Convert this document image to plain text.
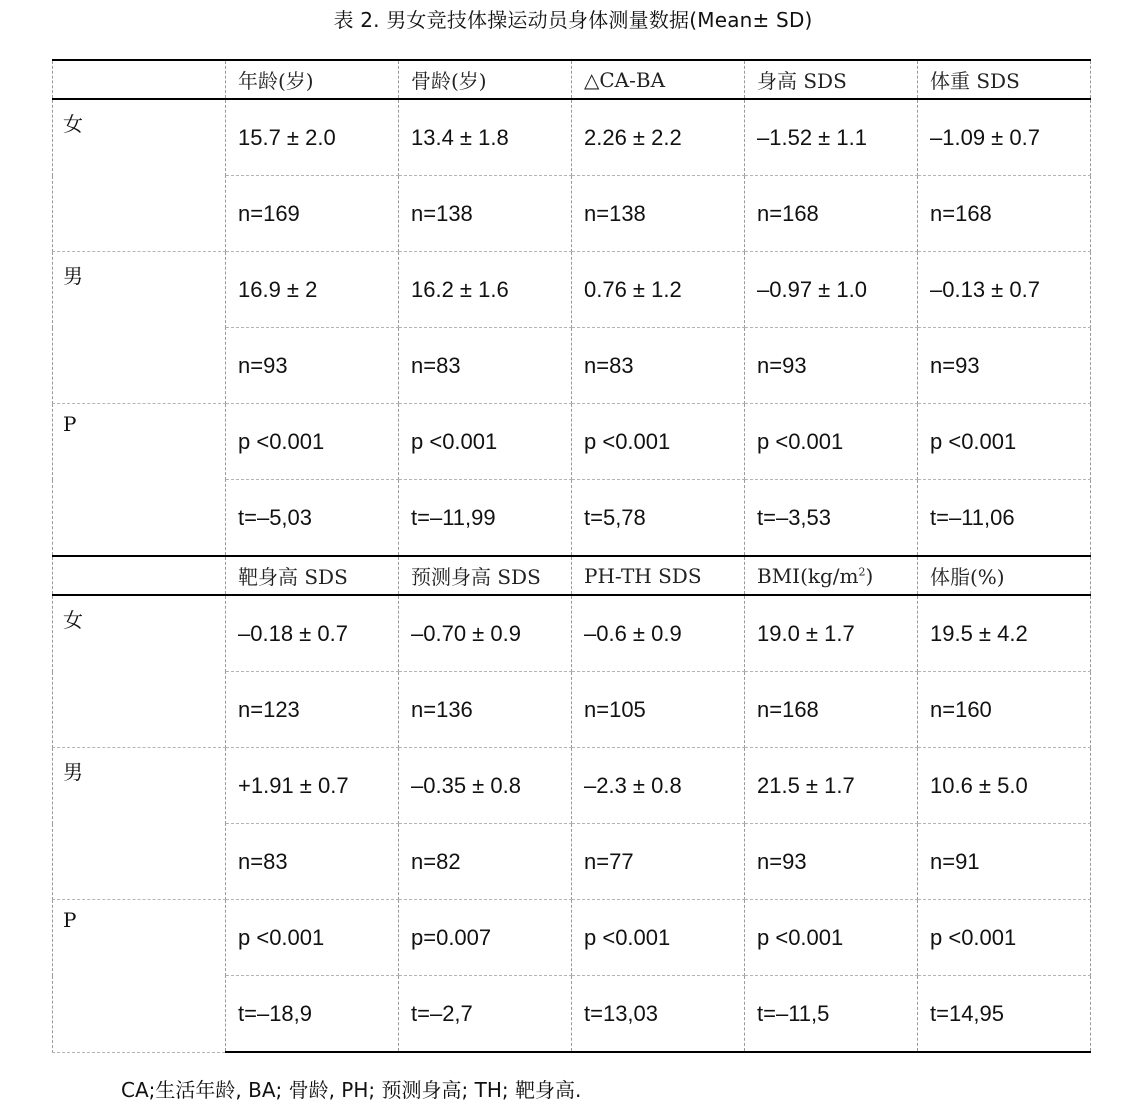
表 2. 男女竞技体操运动员身体测量数据(Mean± SD)
	年龄(岁)	骨龄(岁)	△CA-BA	身高 SDS	体重 SDS
女	15.7 ± 2.0	13.4 ± 1.8	2.26 ± 2.2	–1.52 ± 1.1	–1.09 ± 0.7
	n=169	n=138	n=138	n=168	n=168
男	16.9 ± 2	16.2 ± 1.6	0.76 ± 1.2	–0.97 ± 1.0	–0.13 ± 0.7
	n=93	n=83	n=83	n=93	n=93
P	p <0.001	p <0.001	p <0.001	p <0.001	p <0.001
	t=–5,03	t=–11,99	t=5,78	t=–3,53	t=–11,06
	靶身高 SDS	预测身高 SDS	PH-TH SDS	$BMI(kg/m^2)$	体脂(%)
女	–0.18 ± 0.7	–0.70 ± 0.9	–0.6 ± 0.9	19.0 ± 1.7	19.5 ± 4.2
	n=123	n=136	n=105	n=168	n=160
男	+1.91 ± 0.7	–0.35 ± 0.8	–2.3 ± 0.8	21.5 ± 1.7	10.6 ± 5.0
	n=83	n=82	n=77	n=93	n=91
P	p <0.001	p=0.007	p <0.001	p <0.001	p <0.001
	t=–18,9	t=–2,7	t=13,03	t=–11,5	t=14,95
CA;生活年龄, BA; 骨龄, PH; 预测身高; TH; 靶身高.
